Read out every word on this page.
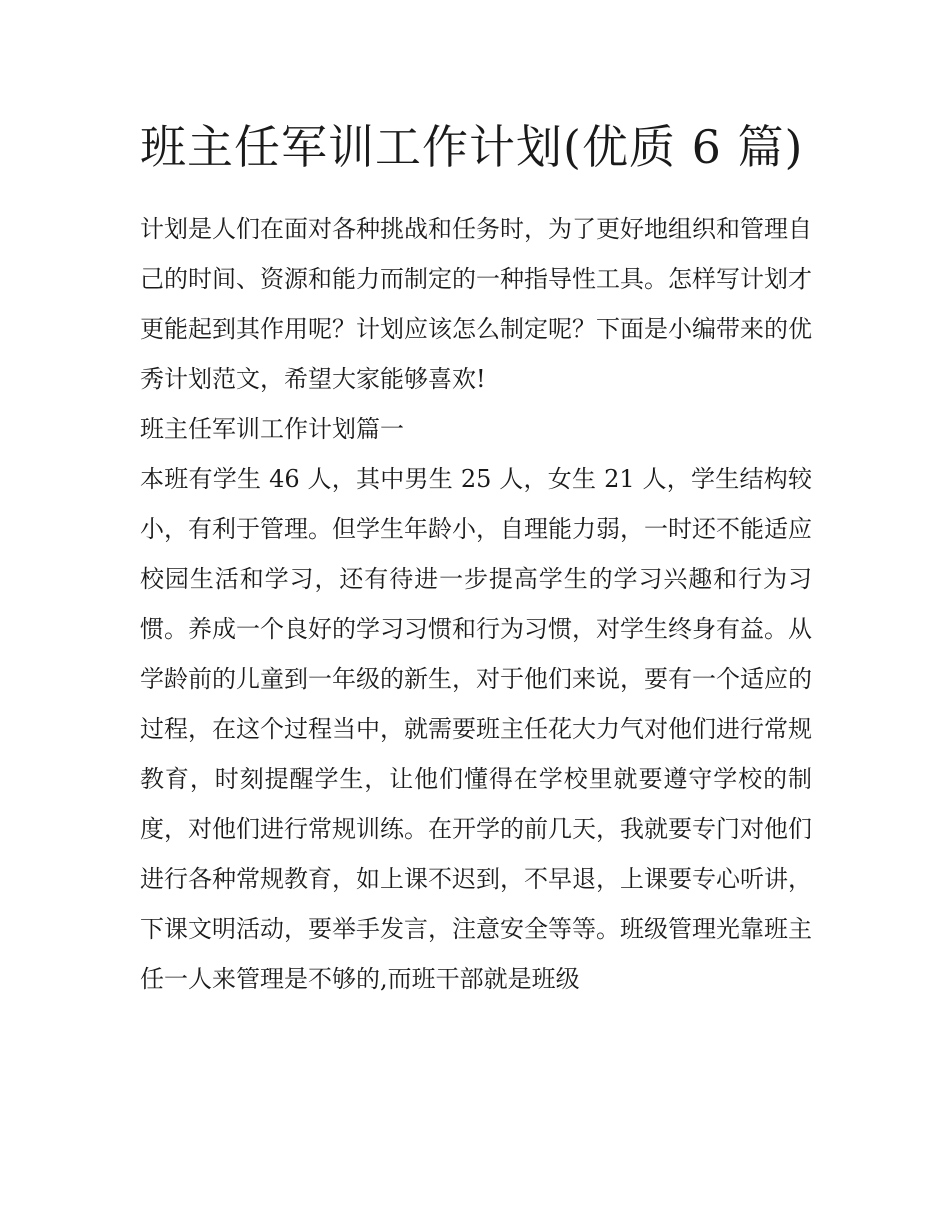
班主任军训工作计划(优质 6 篇)

计划是人们在面对各种挑战和任务时，为了更好地组织和管理自己的时间、资源和能力而制定的一种指导性工具。怎样写计划才更能起到其作用呢？计划应该怎么制定呢？下面是小编带来的优秀计划范文，希望大家能够喜欢!

班主任军训工作计划篇一

本班有学生 46 人，其中男生 25 人，女生 21 人，学生结构较小，有利于管理。但学生年龄小，自理能力弱，一时还不能适应校园生活和学习，还有待进一步提高学生的学习兴趣和行为习惯。养成一个良好的学习习惯和行为习惯，对学生终身有益。从学龄前的儿童到一年级的新生，对于他们来说，要有一个适应的过程，在这个过程当中，就需要班主任花大力气对他们进行常规教育，时刻提醒学生，让他们懂得在学校里就要遵守学校的制度，对他们进行常规训练。在开学的前几天，我就要专门对他们进行各种常规教育，如上课不迟到，不早退，上课要专心听讲，下课文明活动，要举手发言，注意安全等等。班级管理光靠班主任一人来管理是不够的,而班干部就是班级
